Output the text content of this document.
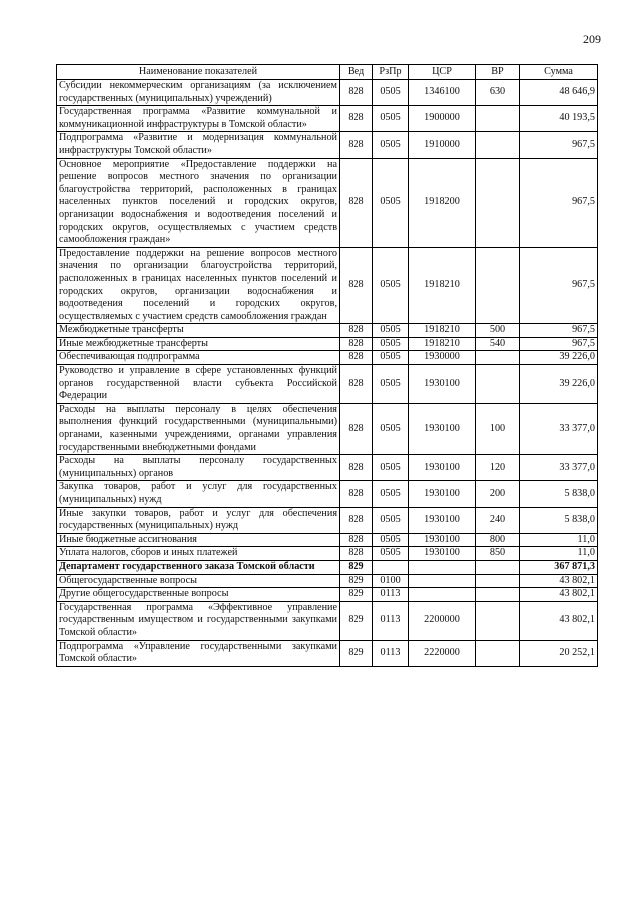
209
Наименование показателей	Вед	РзПр	ЦСР	ВР	Сумма
Субсидии некоммерческим организациям (за исключением государственных (муниципальных) учреждений)	828	0505	1346100	630	48 646,9
Государственная программа «Развитие коммунальной и коммуникационной инфраструктуры в Томской области»	828	0505	1900000		40 193,5
Подпрограмма «Развитие и модернизация коммунальной инфраструктуры Томской области»	828	0505	1910000		967,5
Основное мероприятие «Предоставление поддержки на решение вопросов местного значения по организации благоустройства территорий, расположенных в границах населенных пунктов поселений и городских округов, организации водоснабжения и водоотведения поселений и городских округов, осуществляемых с участием средств самообложения граждан»	828	0505	1918200		967,5
Предоставление поддержки на решение вопросов местного значения по организации благоустройства территорий, расположенных в границах населенных пунктов поселений и городских округов, организации водоснабжения и водоотведения поселений и городских округов, осуществляемых с участием средств самообложения граждан	828	0505	1918210		967,5
Межбюджетные трансферты	828	0505	1918210	500	967,5
Иные межбюджетные трансферты	828	0505	1918210	540	967,5
Обеспечивающая подпрограмма	828	0505	1930000		39 226,0
Руководство и управление в сфере установленных функций органов государственной власти субъекта Российской Федерации	828	0505	1930100		39 226,0
Расходы на выплаты персоналу в целях обеспечения выполнения функций государственными (муниципальными) органами, казенными учреждениями, органами управления государственными внебюджетными фондами	828	0505	1930100	100	33 377,0
Расходы на выплаты персоналу государственных (муниципальных) органов	828	0505	1930100	120	33 377,0
Закупка товаров, работ и услуг для государственных (муниципальных) нужд	828	0505	1930100	200	5 838,0
Иные закупки товаров, работ и услуг для обеспечения государственных (муниципальных) нужд	828	0505	1930100	240	5 838,0
Иные бюджетные ассигнования	828	0505	1930100	800	11,0
Уплата налогов, сборов и иных платежей	828	0505	1930100	850	11,0
Департамент государственного заказа Томской области	829				367 871,3
Общегосударственные вопросы	829	0100			43 802,1
Другие общегосударственные вопросы	829	0113			43 802,1
Государственная программа «Эффективное управление государственным имуществом и государственными закупками Томской области»	829	0113	2200000		43 802,1
Подпрограмма «Управление государственными закупками Томской области»	829	0113	2220000		20 252,1
